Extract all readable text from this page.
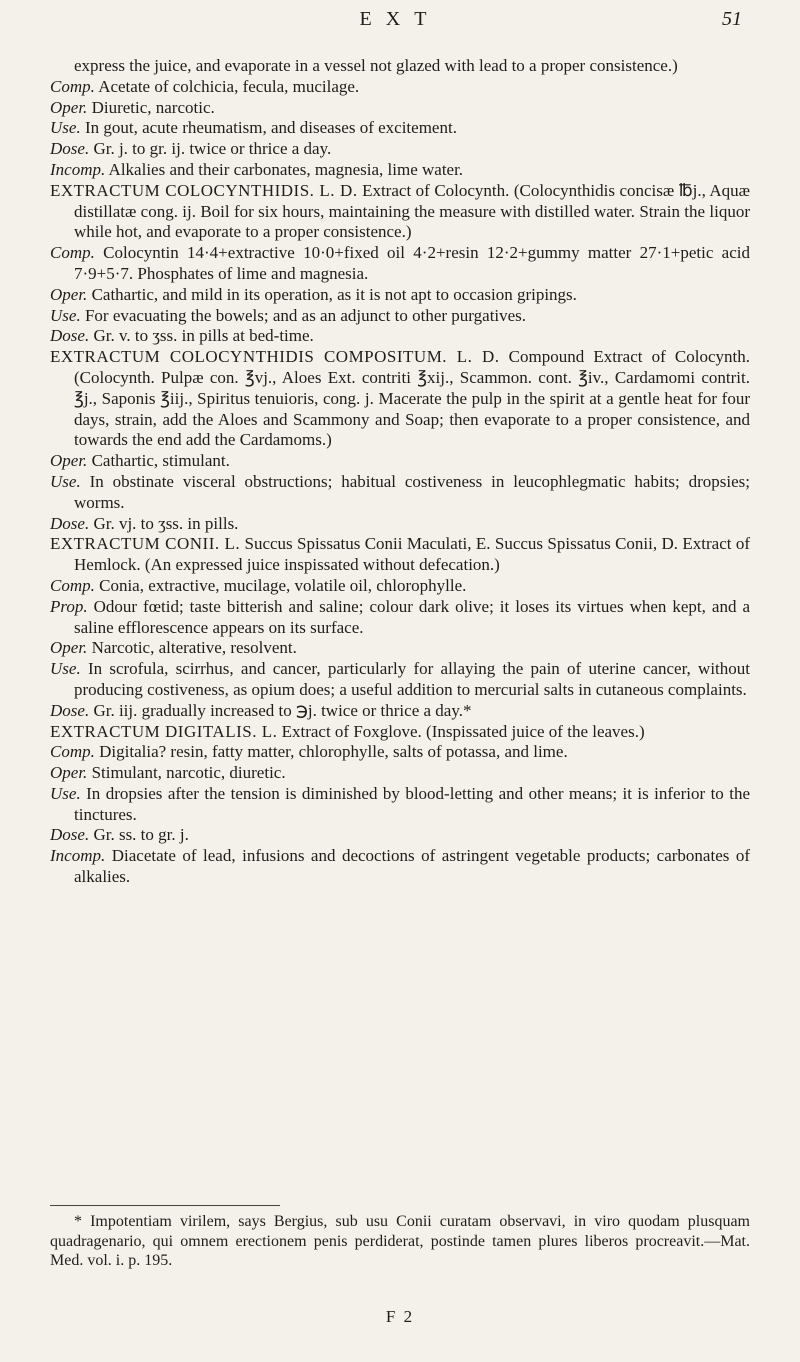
EXT	51

express the juice, and evaporate in a vessel not glazed with lead to a proper consistence.)

Comp. Acetate of colchicia, fecula, mucilage.

Oper. Diuretic, narcotic.

Use. In gout, acute rheumatism, and diseases of excitement.

Dose. Gr. j. to gr. ij. twice or thrice a day.

Incomp. Alkalies and their carbonates, magnesia, lime water.

EXTRACTUM COLOCYNTHIDIS. L. D. Extract of Colocynth. (Colocynthidis concisæ ℔j., Aquæ distillatæ cong. ij. Boil for six hours, maintaining the measure with distilled water. Strain the liquor while hot, and evaporate to a proper consistence.)

Comp. Colocyntin 14·4+extractive 10·0+fixed oil 4·2+resin 12·2+gummy matter 27·1+petic acid 7·9+5·7. Phosphates of lime and magnesia.

Oper. Cathartic, and mild in its operation, as it is not apt to occasion gripings.

Use. For evacuating the bowels; and as an adjunct to other purgatives.

Dose. Gr. v. to ʒss. in pills at bed-time.

EXTRACTUM COLOCYNTHIDIS COMPOSITUM. L. D. Compound Extract of Colocynth. (Colocynth. Pulpæ con. ℥vj., Aloes Ext. contriti ℥xij., Scammon. cont. ℥iv., Cardamomi contrit. ℥j., Saponis ℥iij., Spiritus tenuioris, cong. j. Macerate the pulp in the spirit at a gentle heat for four days, strain, add the Aloes and Scammony and Soap; then evaporate to a proper consistence, and towards the end add the Cardamoms.)

Oper. Cathartic, stimulant.

Use. In obstinate visceral obstructions; habitual costiveness in leucophlegmatic habits; dropsies; worms.

Dose. Gr. vj. to ʒss. in pills.

EXTRACTUM CONII. L. Succus Spissatus Conii Maculati, E. Succus Spissatus Conii, D. Extract of Hemlock. (An expressed juice inspissated without defecation.)

Comp. Conia, extractive, mucilage, volatile oil, chlorophylle.

Prop. Odour fœtid; taste bitterish and saline; colour dark olive; it loses its virtues when kept, and a saline efflorescence appears on its surface.

Oper. Narcotic, alterative, resolvent.

Use. In scrofula, scirrhus, and cancer, particularly for allaying the pain of uterine cancer, without producing costiveness, as opium does; a useful addition to mercurial salts in cutaneous complaints.

Dose. Gr. iij. gradually increased to ℈j. twice or thrice a day.*

EXTRACTUM DIGITALIS. L. Extract of Foxglove. (Inspissated juice of the leaves.)

Comp. Digitalia? resin, fatty matter, chlorophylle, salts of potassa, and lime.

Oper. Stimulant, narcotic, diuretic.

Use. In dropsies after the tension is diminished by blood-letting and other means; it is inferior to the tinctures.

Dose. Gr. ss. to gr. j.

Incomp. Diacetate of lead, infusions and decoctions of astringent vegetable products; carbonates of alkalies.

* Impotentiam virilem, says Bergius, sub usu Conii curatam observavi, in viro quodam plusquam quadragenario, qui omnem erectionem penis perdiderat, postinde tamen plures liberos procreavit.—Mat. Med. vol. i. p. 195.

F 2
